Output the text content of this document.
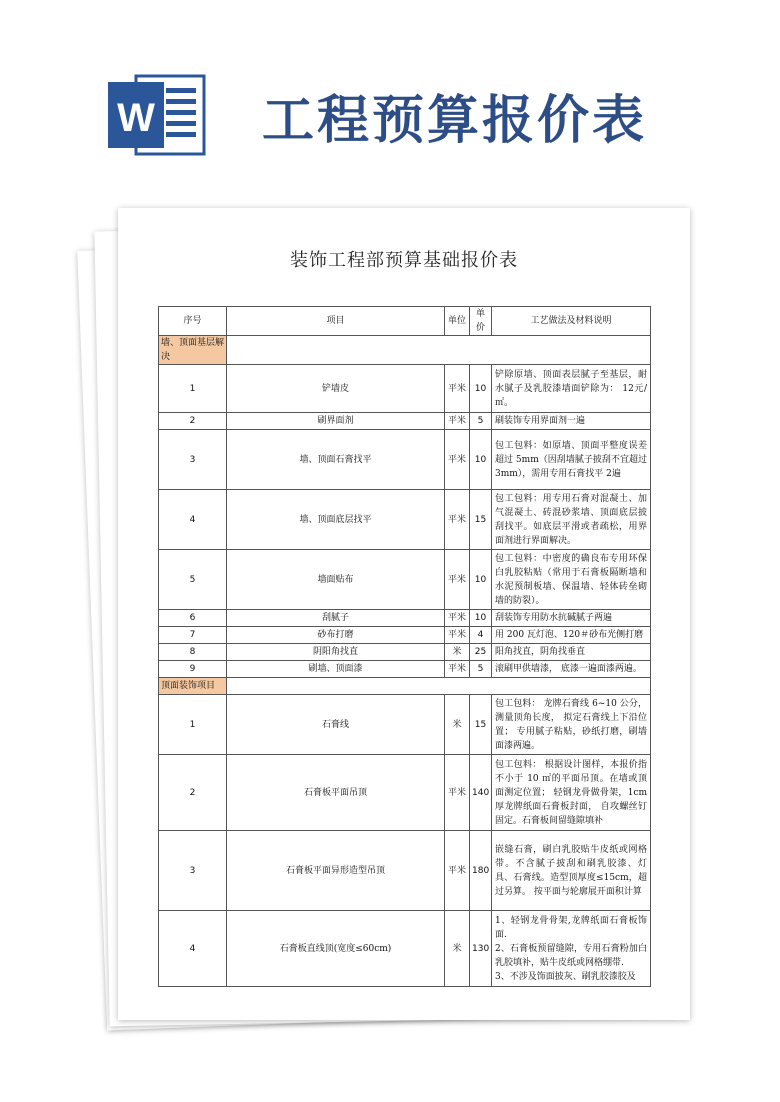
W 工程预算报价表
装饰工程部预算基础报价表
序号	项目	单位	单价	工艺做法及材料说明
墙、顶面基层解决				
1	铲墙皮	平米	10	铲除原墙、顶面表层腻子至基层，耐水腻子及乳胶漆墙面铲除为： 12元/㎡。
2	刷界面剂	平米	5	刷装饰专用界面剂一遍
3	墙、顶面石膏找平	平米	10	包工包料：如原墙、顶面平整度误差超过 5mm（因刮墙腻子披刮不宜超过 3mm），需用专用石膏找平 2遍
4	墙、顶面底层找平	平米	15	包工包料：用专用石膏对混凝土、加气混凝土、砖混砂浆墙、顶面底层披刮找平。如底层平滑或者疏松，用界面剂进行界面解决。
5	墙面贴布	平米	10	包工包料：中密度的确良布专用环保白乳胶粘贴（常用于石膏板隔断墙和水泥预制板墙、保温墙、轻体砖垒砌墙的防裂）。
6	刮腻子	平米	10	刮装饰专用防水抗碱腻子两遍
7	砂布打磨	平米	4	用 200 瓦灯泡、120＃砂布光侧打磨
8	阴阳角找直	米	25	阳角找直，阴角找垂直
9	刷墙、顶面漆	平米	5	滚刷甲供墙漆， 底漆一遍面漆两遍。
顶面装饰项目				
1	石膏线	米	15	包工包料： 龙牌石膏线 6~10 公分，测量顶角长度， 拟定石膏线上下沿位置； 专用腻子粘贴，砂纸打磨，刷墙面漆两遍。
2	石膏板平面吊顶	平米	140	包工包料： 根据设计图样，本报价指不小于 10 ㎡的平面吊顶。在墙或顶面测定位置； 轻钢龙骨做骨架，1cm 厚龙牌纸面石膏板封面， 自攻螺丝钉固定。石膏板间留缝隙填补
3	石膏板平面异形造型吊顶	平米	180	嵌缝石膏，刷白乳胶贴牛皮纸或网格带。不含腻子披刮和刷乳胶漆、灯具、石膏线。造型顶厚度≤15cm，超过另算。 按平面与轮廓展开面积计算
4	石膏板直线顶(宽度≤60cm)	米	130	1、轻钢龙骨骨架,龙牌纸面石膏板饰面.
2、石膏板预留缝隙，专用石膏粉加白乳胶填补，贴牛皮纸或网格绷带.
3、不涉及饰面披灰、刷乳胶漆胶及
